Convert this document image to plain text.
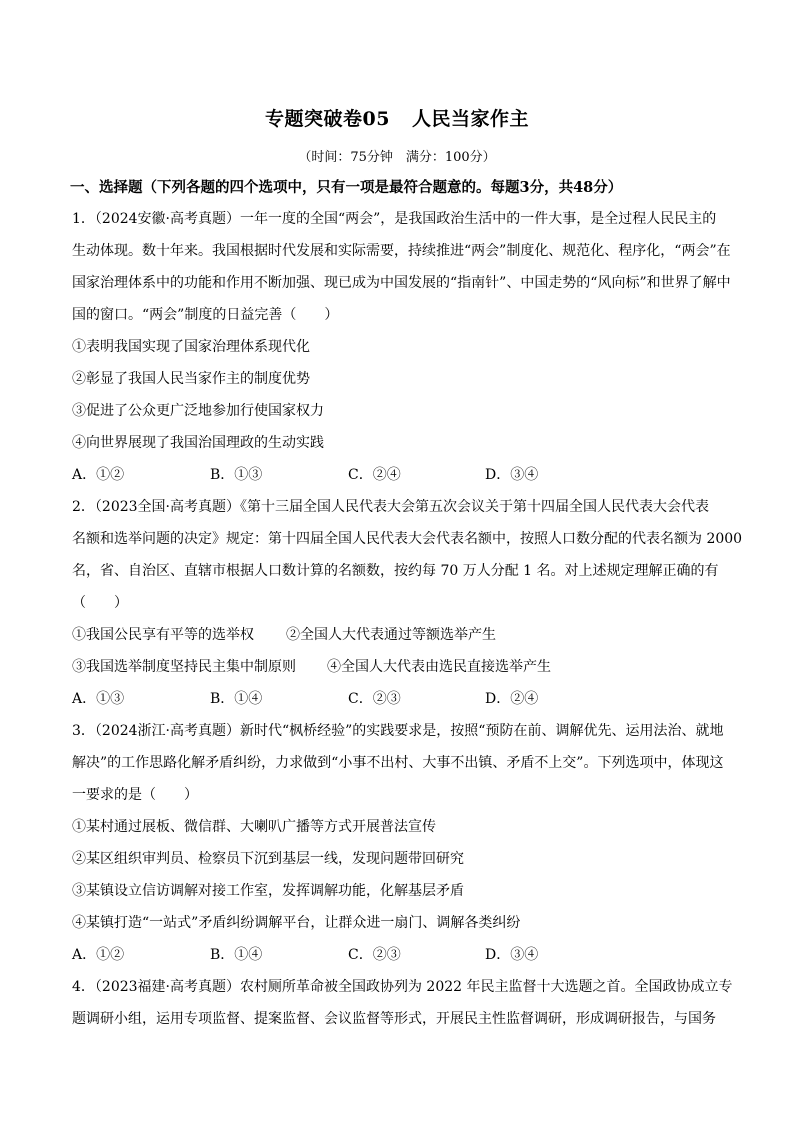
专题突破卷05 人民当家作主
（时间：75分钟　满分：100分）
一、选择题（下列各题的四个选项中，只有一项是最符合题意的。每题3分，共48分）
1．（2024安徽·高考真题）一年一度的全国“两会”，是我国政治生活中的一件大事，是全过程人民民主的
生动体现。数十年来。我国根据时代发展和实际需要，持续推进“两会”制度化、规范化、程序化，“两会”在
国家治理体系中的功能和作用不断加强、现已成为中国发展的“指南针”、中国走势的“风向标”和世界了解中
国的窗口。“两会”制度的日益完善（　　）
①表明我国实现了国家治理体系现代化
②彰显了我国人民当家作主的制度优势
③促进了公众更广泛地参加行使国家权力
④向世界展现了我国治国理政的生动实践
A．①②	B．①③	C．②④	D．③④
2．（2023全国·高考真题）《第十三届全国人民代表大会第五次会议关于第十四届全国人民代表大会代表
名额和选举问题的决定》规定：第十四届全国人民代表大会代表名额中，按照人口数分配的代表名额为 2000
名，省、自治区、直辖市根据人口数计算的名额数，按约每 70 万人分配 1 名。对上述规定理解正确的有
（　　）
①我国公民享有平等的选举权 ②全国人大代表通过等额选举产生
③我国选举制度坚持民主集中制原则 ④全国人大代表由选民直接选举产生
A．①③	B．①④	C．②③	D．②④
3．（2024浙江·高考真题）新时代“枫桥经验”的实践要求是，按照“预防在前、调解优先、运用法治、就地
解决”的工作思路化解矛盾纠纷，力求做到“小事不出村、大事不出镇、矛盾不上交”。下列选项中，体现这
一要求的是（　　）
①某村通过展板、微信群、大喇叭广播等方式开展普法宣传
②某区组织审判员、检察员下沉到基层一线，发现问题带回研究
③某镇设立信访调解对接工作室，发挥调解功能，化解基层矛盾
④某镇打造“一站式”矛盾纠纷调解平台，让群众进一扇门、调解各类纠纷
A．①②	B．①④	C．②③	D．③④
4．（2023福建·高考真题）农村厕所革命被全国政协列为 2022 年民主监督十大选题之首。全国政协成立专
题调研小组，运用专项监督、提案监督、会议监督等形式，开展民主性监督调研，形成调研报告，与国务
